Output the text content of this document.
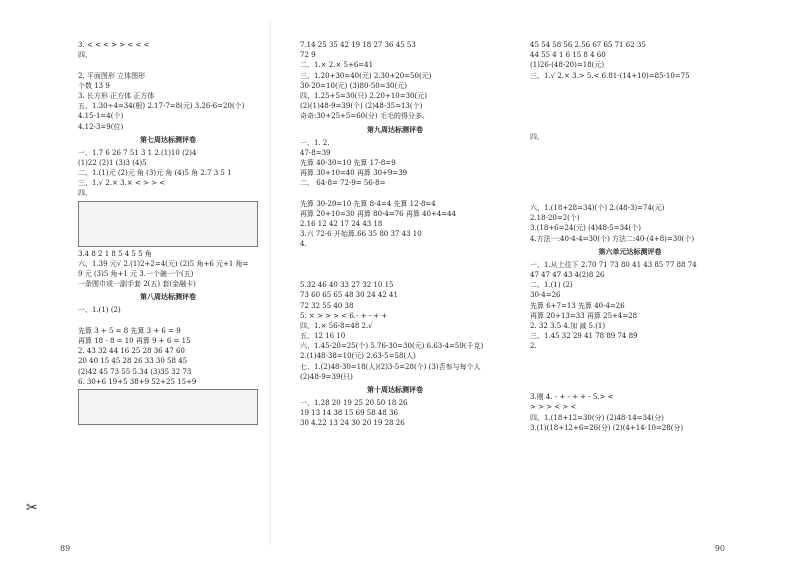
3. < < < > > < < <
四、
2. 平面图形 立体图形
个数 13 9
3. 长方形 正方体 正方体
五、1.30÷4=34(根) 2.17-7=8(元) 3.26-6=20(个)
4.15-1=4(个)
4.12-3=9(位)
第七周达标测评卷
一、1.7 6 26 7 51 3 1 2.(1)10 (2)4
(1)22 (2)1 (3)3 (4)5
二、1.(1)元 (2)元 角 (3)元 角 (4)5 角 2.7 3 5 1
三、1.√ 2.× 3.× < > > <
四、
3.4 8 2 1 8 5 4 5 5 角
六、1.39 元√ 2.(1)2+2=4(元) (2)5 角+6 元+1 角=
9 元 (3)5 角+1 元 3.一个碗一个(五)
一条围巾或一副手套 2(五) 套(金融卡)
第八周达标测评卷
一、1.(1) (2)
先算 3 + 5 = 8 先算 3 + 6 = 9
再算 18 - 8 = 10 再算 9 + 6 = 15
2. 43 32 44 16 25 28 36 47 60
20 40 15 45 28 26 33 30 58 45
(2)42 45 73 55 5.34 (3)35 32 73
6. 30+6 19+5 38+9 52+25 15+9
7.14 25 35 42 19 18 27 36 45 53
72 9
二、1.× 2.× 5+6=41
三、1.20+30=40(元) 2.30+20=50(元)
30-20=10(元) (3)80-50=30(元)
四、1.25+5=30(只) 2.20+10=30(元)
(2)(1)48-9=39(个) (2)48-35=13(个)
奇奇:30+25+5=60(分) 毛毛的得分多。
第九周达标测评卷
一、1. 2.
47-8=39
先算 40-30=10 先算 17-8=9
再算 30+10=40 再算 30+9=39
二、 64-8= 72-9= 56-8=
先算 30-20=10 先算 8-4=4 先算 12-8=4
再算 20+10=30 再算 80-4=76 再算 40+4=44
2.16 12 42 17 24 43 18
3.六 72-6 开始算.66 35 80 37 43 10
4.
5.32 46 40 33 27 32 10 15
73 60 65 65 48 30 24 42 41
72 32 55 40 38
5. × > > > < 6.- + - + +
四、1.× 56-8=48 2.√
五、12 16 10
六、1.45-20=25(个) 5.76-30=30(元) 6.63-4=59(千克)
2.(1)48-38=10(元) 2.63-5=58(人)
七、1.(2)48-30=18(人)(2)3-5=28(个) (3)否参与每个人
(2)48-9=39(只)
第十周达标测评卷
一、1.28 20 19 25 20 50 18 26
19 13 14 38 15 69 58 48 36
30 4.22 13 24 30 20 19 28 26
45 54 58 56 2.56 67 65 71 62 35
44 55 4 1 6 15 8 4 60
(1)26-(48-20)=18(元)
三、1.√ 2.× 3.> 5.< 6.81-(14+10)=85-10=75
四、
六、1.(18+28=34)(个) 2.(48-3)=74(元)
2.18-20=2(个)
3.(18+6=24(元) (4)48-5=34(个)
4.方法一:40-4-4=30(个) 方法二:40-(4+8)=30(个)
第六单元达标测评卷
一、1.从上往下 2.70 71 73 80 41 43 85 77 88 74
47 47 47 43 4(2)8 26
二、1.(1) (2)
30-4=26
先算 6+7=13 先算 40-4=26
再算 20+13=33 再算 25+4=28
2. 32 3.5 4.加 减 5.(1)
三、1.45 32 29 41 78 89 74 89
2.
3.刚 4. - + - + + - 5.> <
> > > < > <
四、1.(18+12=30(分) (2)48-14=34(分)
3.(1)(18+12+6=26(分) (2)(4+14-10=28(分)
89	90
✂
